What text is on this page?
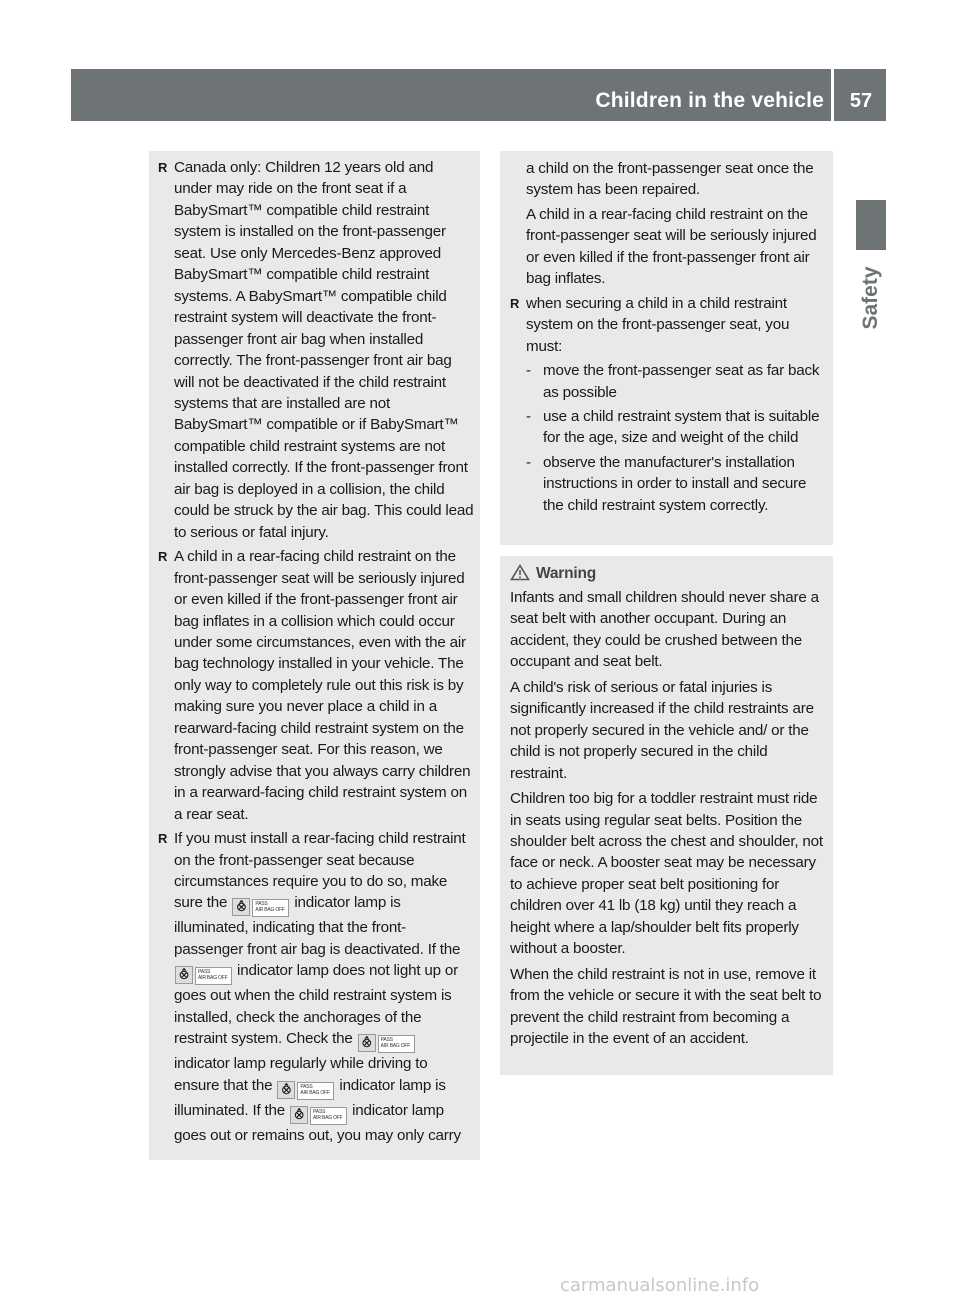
Children in the vehicle	57
Safety
R Canada only: Children 12 years old and under may ride on the front seat if a BabySmart™ compatible child restraint system is installed on the front-passenger seat. Use only Mercedes-Benz approved BabySmart™ compatible child restraint systems. A BabySmart™ compatible child restraint system will deactivate the front-passenger front air bag when installed correctly. The front-passenger front air bag will not be deactivated if the child restraint systems that are installed are not BabySmart™ compatible or if BabySmart™ compatible child restraint systems are not installed correctly. If the front-passenger front air bag is deployed in a collision, the child could be struck by the air bag. This could lead to serious or fatal injury.
R A child in a rear-facing child restraint on the front-passenger seat will be seriously injured or even killed if the front-passenger front air bag inflates in a collision which could occur under some circumstances, even with the air bag technology installed in your vehicle. The only way to completely rule out this risk is by making sure you never place a child in a rearward-facing child restraint system on the front-passenger seat. For this reason, we strongly advise that you always carry children in a rearward-facing child restraint system on a rear seat.
R If you must install a rear-facing child restraint on the front-passenger seat because circumstances require you to do so, make sure the ⨶ PASS
AIR BAG OFF indicator lamp is illuminated, indicating that the front-passenger front air bag is deactivated. If the ⨶ PASS
AIR BAG OFF indicator lamp does not light up or goes out when the child restraint system is installed, check the anchorages of the restraint system. Check the ⨶ PASS
AIR BAG OFF indicator lamp regularly while driving to ensure that the ⨶ PASS
AIR BAG OFF indicator lamp is illuminated. If the ⨶ PASS
AIR BAG OFF indicator lamp goes out or remains out, you may only carry

a child on the front-passenger seat once the system has been repaired.

A child in a rear-facing child restraint on the front-passenger seat will be seriously injured or even killed if the front-passenger front air bag inflates.

R when securing a child in a child restraint system on the front-passenger seat, you must:
- move the front-passenger seat as far back as possible
- use a child restraint system that is suitable for the age, size and weight of the child
- observe the manufacturer's installation instructions in order to install and secure the child restraint system correctly.
Warning

Infants and small children should never share a seat belt with another occupant. During an accident, they could be crushed between the occupant and seat belt.

A child's risk of serious or fatal injuries is significantly increased if the child restraints are not properly secured in the vehicle and/ or the child is not properly secured in the child restraint.

Children too big for a toddler restraint must ride in seats using regular seat belts. Position the shoulder belt across the chest and shoulder, not face or neck. A booster seat may be necessary to achieve proper seat belt positioning for children over 41 lb (18 kg) until they reach a height where a lap/shoulder belt fits properly without a booster.

When the child restraint is not in use, remove it from the vehicle or secure it with the seat belt to prevent the child restraint from becoming a projectile in the event of an accident.

carmanualsonline.info
